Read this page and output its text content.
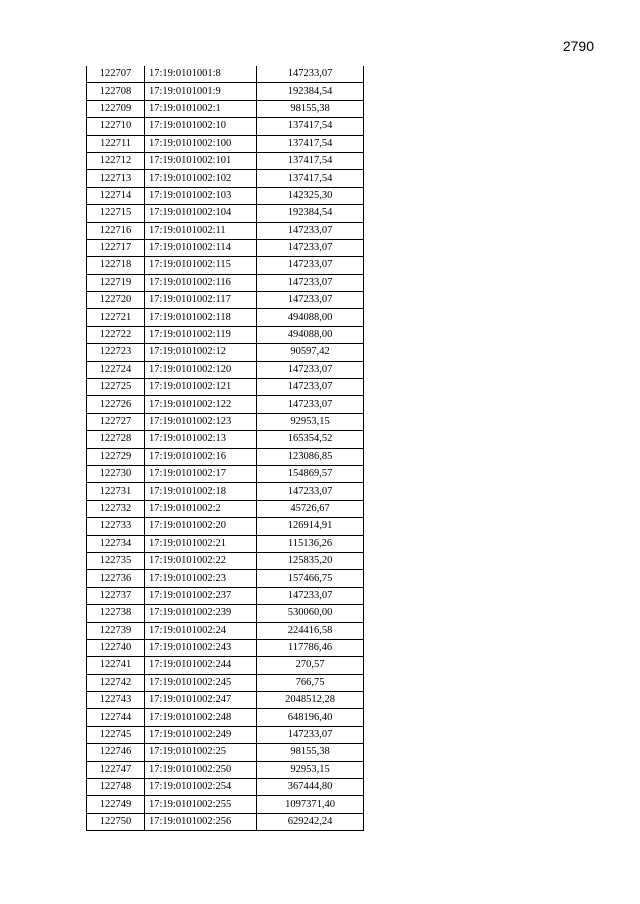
2790
122707	17:19:0101001:8	147233,07
122708	17:19:0101001:9	192384,54
122709	17:19:0101002:1	98155,38
122710	17:19:0101002:10	137417,54
122711	17:19:0101002:100	137417,54
122712	17:19:0101002:101	137417,54
122713	17:19:0101002:102	137417,54
122714	17:19:0101002:103	142325,30
122715	17:19:0101002:104	192384,54
122716	17:19:0101002:11	147233,07
122717	17:19:0101002:114	147233,07
122718	17:19:0101002:115	147233,07
122719	17:19:0101002:116	147233,07
122720	17:19:0101002:117	147233,07
122721	17:19:0101002:118	494088,00
122722	17:19:0101002:119	494088,00
122723	17:19:0101002:12	90597,42
122724	17:19:0101002:120	147233,07
122725	17:19:0101002:121	147233,07
122726	17:19:0101002:122	147233,07
122727	17:19:0101002:123	92953,15
122728	17:19:0101002:13	165354,52
122729	17:19:0101002:16	123086,85
122730	17:19:0101002:17	154869,57
122731	17:19:0101002:18	147233,07
122732	17:19:0101002:2	45726,67
122733	17:19:0101002:20	126914,91
122734	17:19:0101002:21	115136,26
122735	17:19:0101002:22	125835,20
122736	17:19:0101002:23	157466,75
122737	17:19:0101002:237	147233,07
122738	17:19:0101002:239	530060,00
122739	17:19:0101002:24	224416,58
122740	17:19:0101002:243	117786,46
122741	17:19:0101002:244	270,57
122742	17:19:0101002:245	766,75
122743	17:19:0101002:247	2048512,28
122744	17:19:0101002:248	648196,40
122745	17:19:0101002:249	147233,07
122746	17:19:0101002:25	98155,38
122747	17:19:0101002:250	92953,15
122748	17:19:0101002:254	367444,80
122749	17:19:0101002:255	1097371,40
122750	17:19:0101002:256	629242,24
